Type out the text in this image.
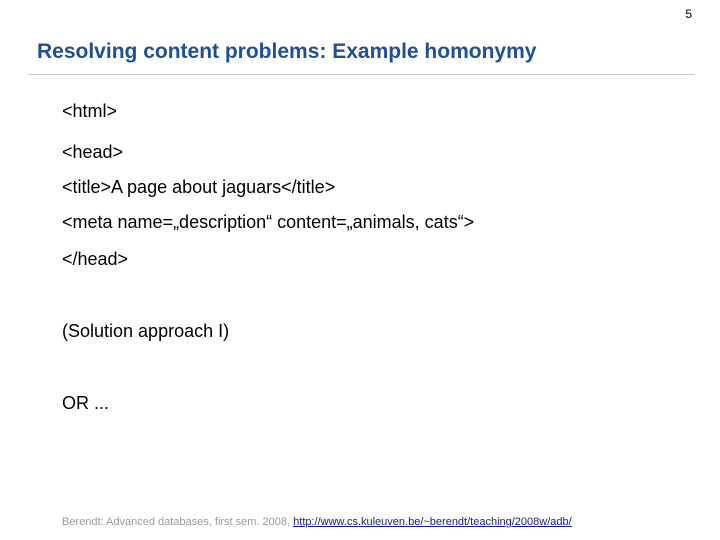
5
Resolving content problems: Example homonymy
<html>
<head>
<title>A page about jaguars</title>
<meta name=„description“ content=„animals, cats“>
</head>
(Solution approach I)
OR ...
Berendt: Advanced databases, first sem. 2008, http://www.cs.kuleuven.be/~berendt/teaching/2008w/adb/
